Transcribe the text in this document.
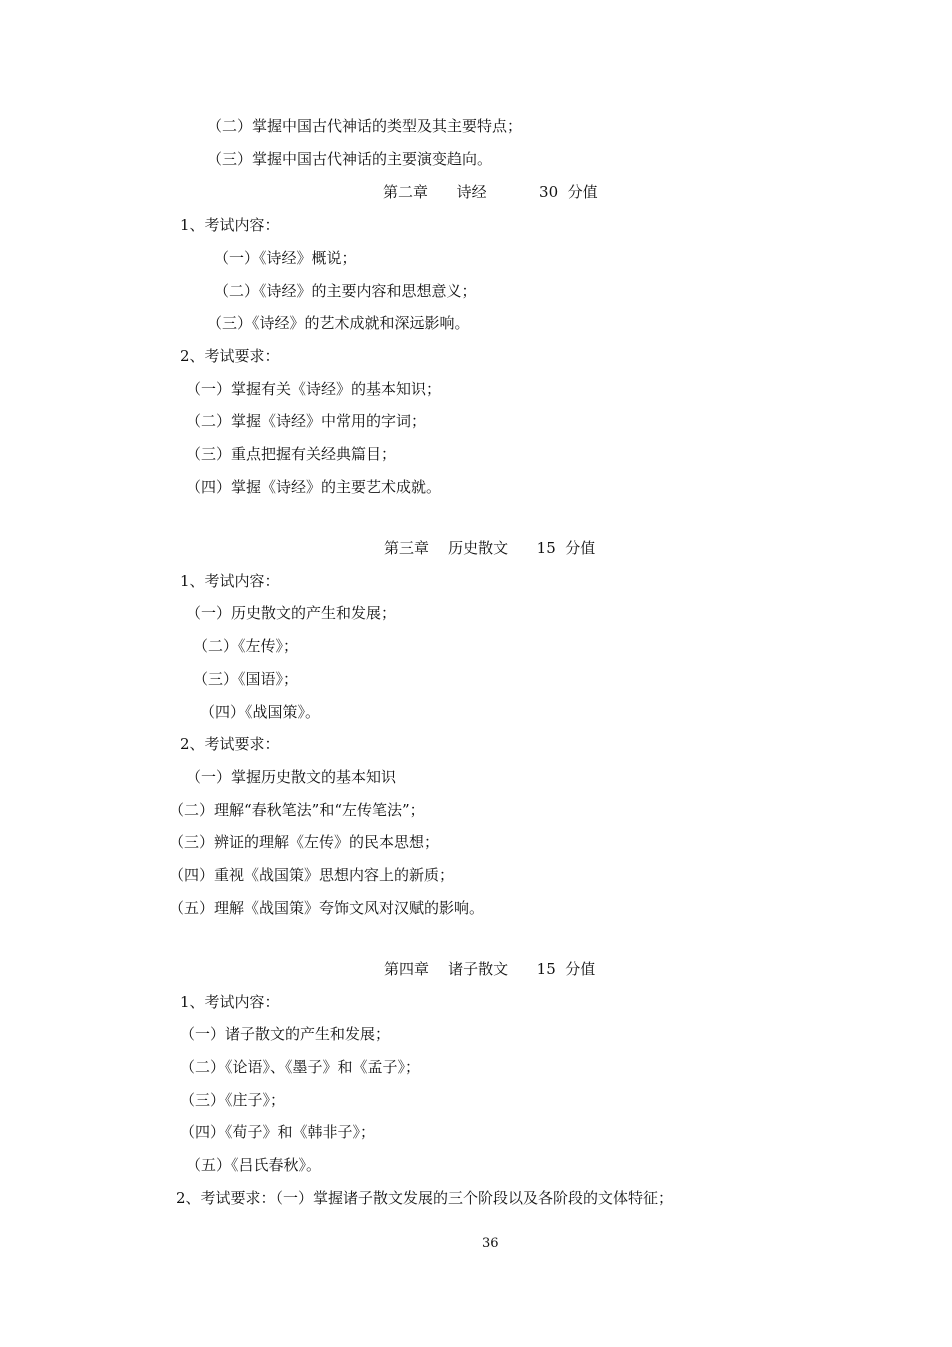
（二）掌握中国古代神话的类型及其主要特点；
（三）掌握中国古代神话的主要演变趋向。
第二章      诗经           30  分值
1、考试内容：
（一）《诗经》概说；
（二）《诗经》的主要内容和思想意义；
（三）《诗经》的艺术成就和深远影响。
2、考试要求：
（一）掌握有关《诗经》的基本知识；
（二）掌握《诗经》中常用的字词；
（三）重点把握有关经典篇目；
（四）掌握《诗经》的主要艺术成就。
第三章    历史散文      15  分值
1、考试内容：
（一）历史散文的产生和发展；
（二）《左传》；
（三）《国语》；
（四）《战国策》。
2、考试要求：
（一）掌握历史散文的基本知识
（二）理解“春秋笔法”和“左传笔法”；
（三）辨证的理解《左传》的民本思想；
（四）重视《战国策》思想内容上的新质；
（五）理解《战国策》夸饰文风对汉赋的影响。
第四章    诸子散文      15  分值
1、考试内容：
（一）诸子散文的产生和发展；
（二）《论语》、《墨子》和《孟子》；
（三）《庄子》；
（四）《荀子》和《韩非子》；
（五）《吕氏春秋》。
2、考试要求：（一）掌握诸子散文发展的三个阶段以及各阶段的文体特征；
36
